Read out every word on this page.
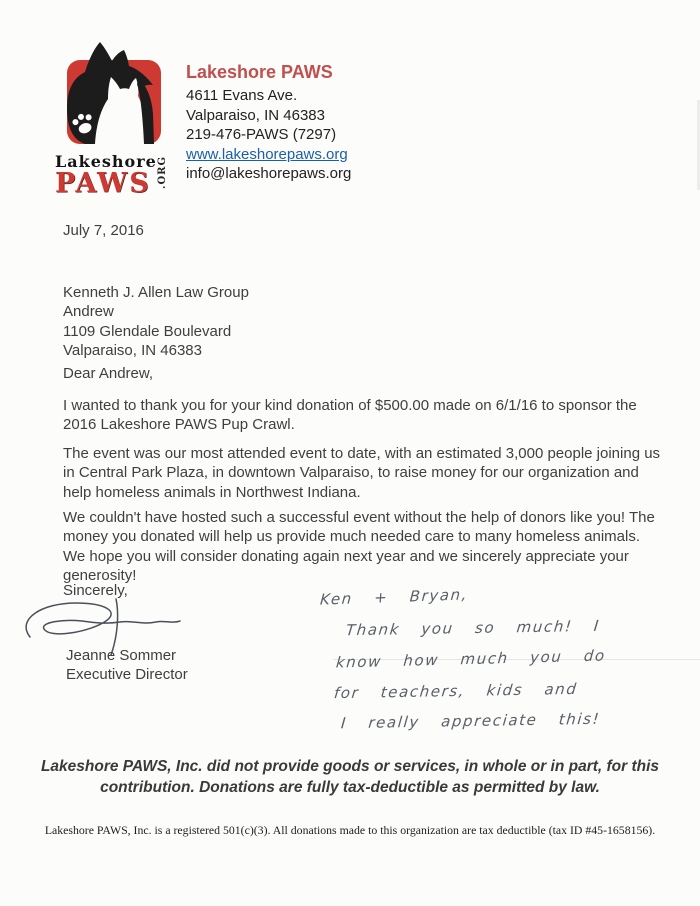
Lakeshore
PAWS .ORG
Lakeshore PAWS
4611 Evans Ave.
Valparaiso, IN 46383
219-476-PAWS (7297)
www.lakeshorepaws.org
info@lakeshorepaws.org
July 7, 2016
Kenneth J. Allen Law Group
Andrew
1109 Glendale Boulevard
Valparaiso, IN 46383
Dear Andrew,
I wanted to thank you for your kind donation of $500.00 made on 6/1/16 to sponsor the
2016 Lakeshore PAWS Pup Crawl.
The event was our most attended event to date, with an estimated 3,000 people joining us
in Central Park Plaza, in downtown Valparaiso, to raise money for our organization and
help homeless animals in Northwest Indiana.
We couldn't have hosted such a successful event without the help of donors like you! The
money you donated will help us provide much needed care to many homeless animals.
We hope you will consider donating again next year and we sincerely appreciate your
generosity!
Sincerely,
Jeanne Sommer
Executive Director
Ken + Bryan,
Thank you so much! I
know how much you do
for teachers, kids and
I really appreciate this!
Lakeshore PAWS, Inc. did not provide goods or services, in whole or in part, for this
contribution. Donations are fully tax-deductible as permitted by law.
Lakeshore PAWS, Inc. is a registered 501(c)(3). All donations made to this organization are tax deductible (tax ID #45-1658156).
